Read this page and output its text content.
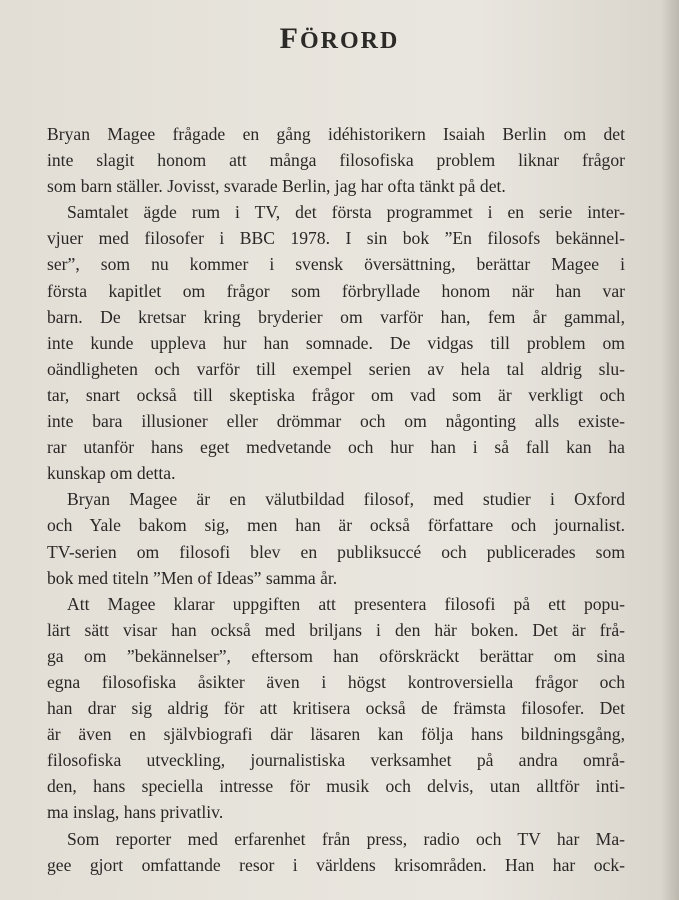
FÖRORD
Bryan Magee frågade en gång idéhistorikern Isaiah Berlin om det
inte slagit honom att många filosofiska problem liknar frågor
som barn ställer. Jovisst, svarade Berlin, jag har ofta tänkt på det.
Samtalet ägde rum i TV, det första programmet i en serie inter-
vjuer med filosofer i BBC 1978. I sin bok ”En filosofs bekännel-
ser”, som nu kommer i svensk översättning, berättar Magee i
första kapitlet om frågor som förbryllade honom när han var
barn. De kretsar kring bryderier om varför han, fem år gammal,
inte kunde uppleva hur han somnade. De vidgas till problem om
oändligheten och varför till exempel serien av hela tal aldrig slu-
tar, snart också till skeptiska frågor om vad som är verkligt och
inte bara illusioner eller drömmar och om någonting alls existe-
rar utanför hans eget medvetande och hur han i så fall kan ha
kunskap om detta.
Bryan Magee är en välutbildad filosof, med studier i Oxford
och Yale bakom sig, men han är också författare och journalist.
TV-serien om filosofi blev en publiksuccé och publicerades som
bok med titeln ”Men of Ideas” samma år.
Att Magee klarar uppgiften att presentera filosofi på ett popu-
lärt sätt visar han också med briljans i den här boken. Det är frå-
ga om ”bekännelser”, eftersom han oförskräckt berättar om sina
egna filosofiska åsikter även i högst kontroversiella frågor och
han drar sig aldrig för att kritisera också de främsta filosofer. Det
är även en självbiografi där läsaren kan följa hans bildningsgång,
filosofiska utveckling, journalistiska verksamhet på andra områ-
den, hans speciella intresse för musik och delvis, utan alltför inti-
ma inslag, hans privatliv.
Som reporter med erfarenhet från press, radio och TV har Ma-
gee gjort omfattande resor i världens krisområden. Han har ock-
